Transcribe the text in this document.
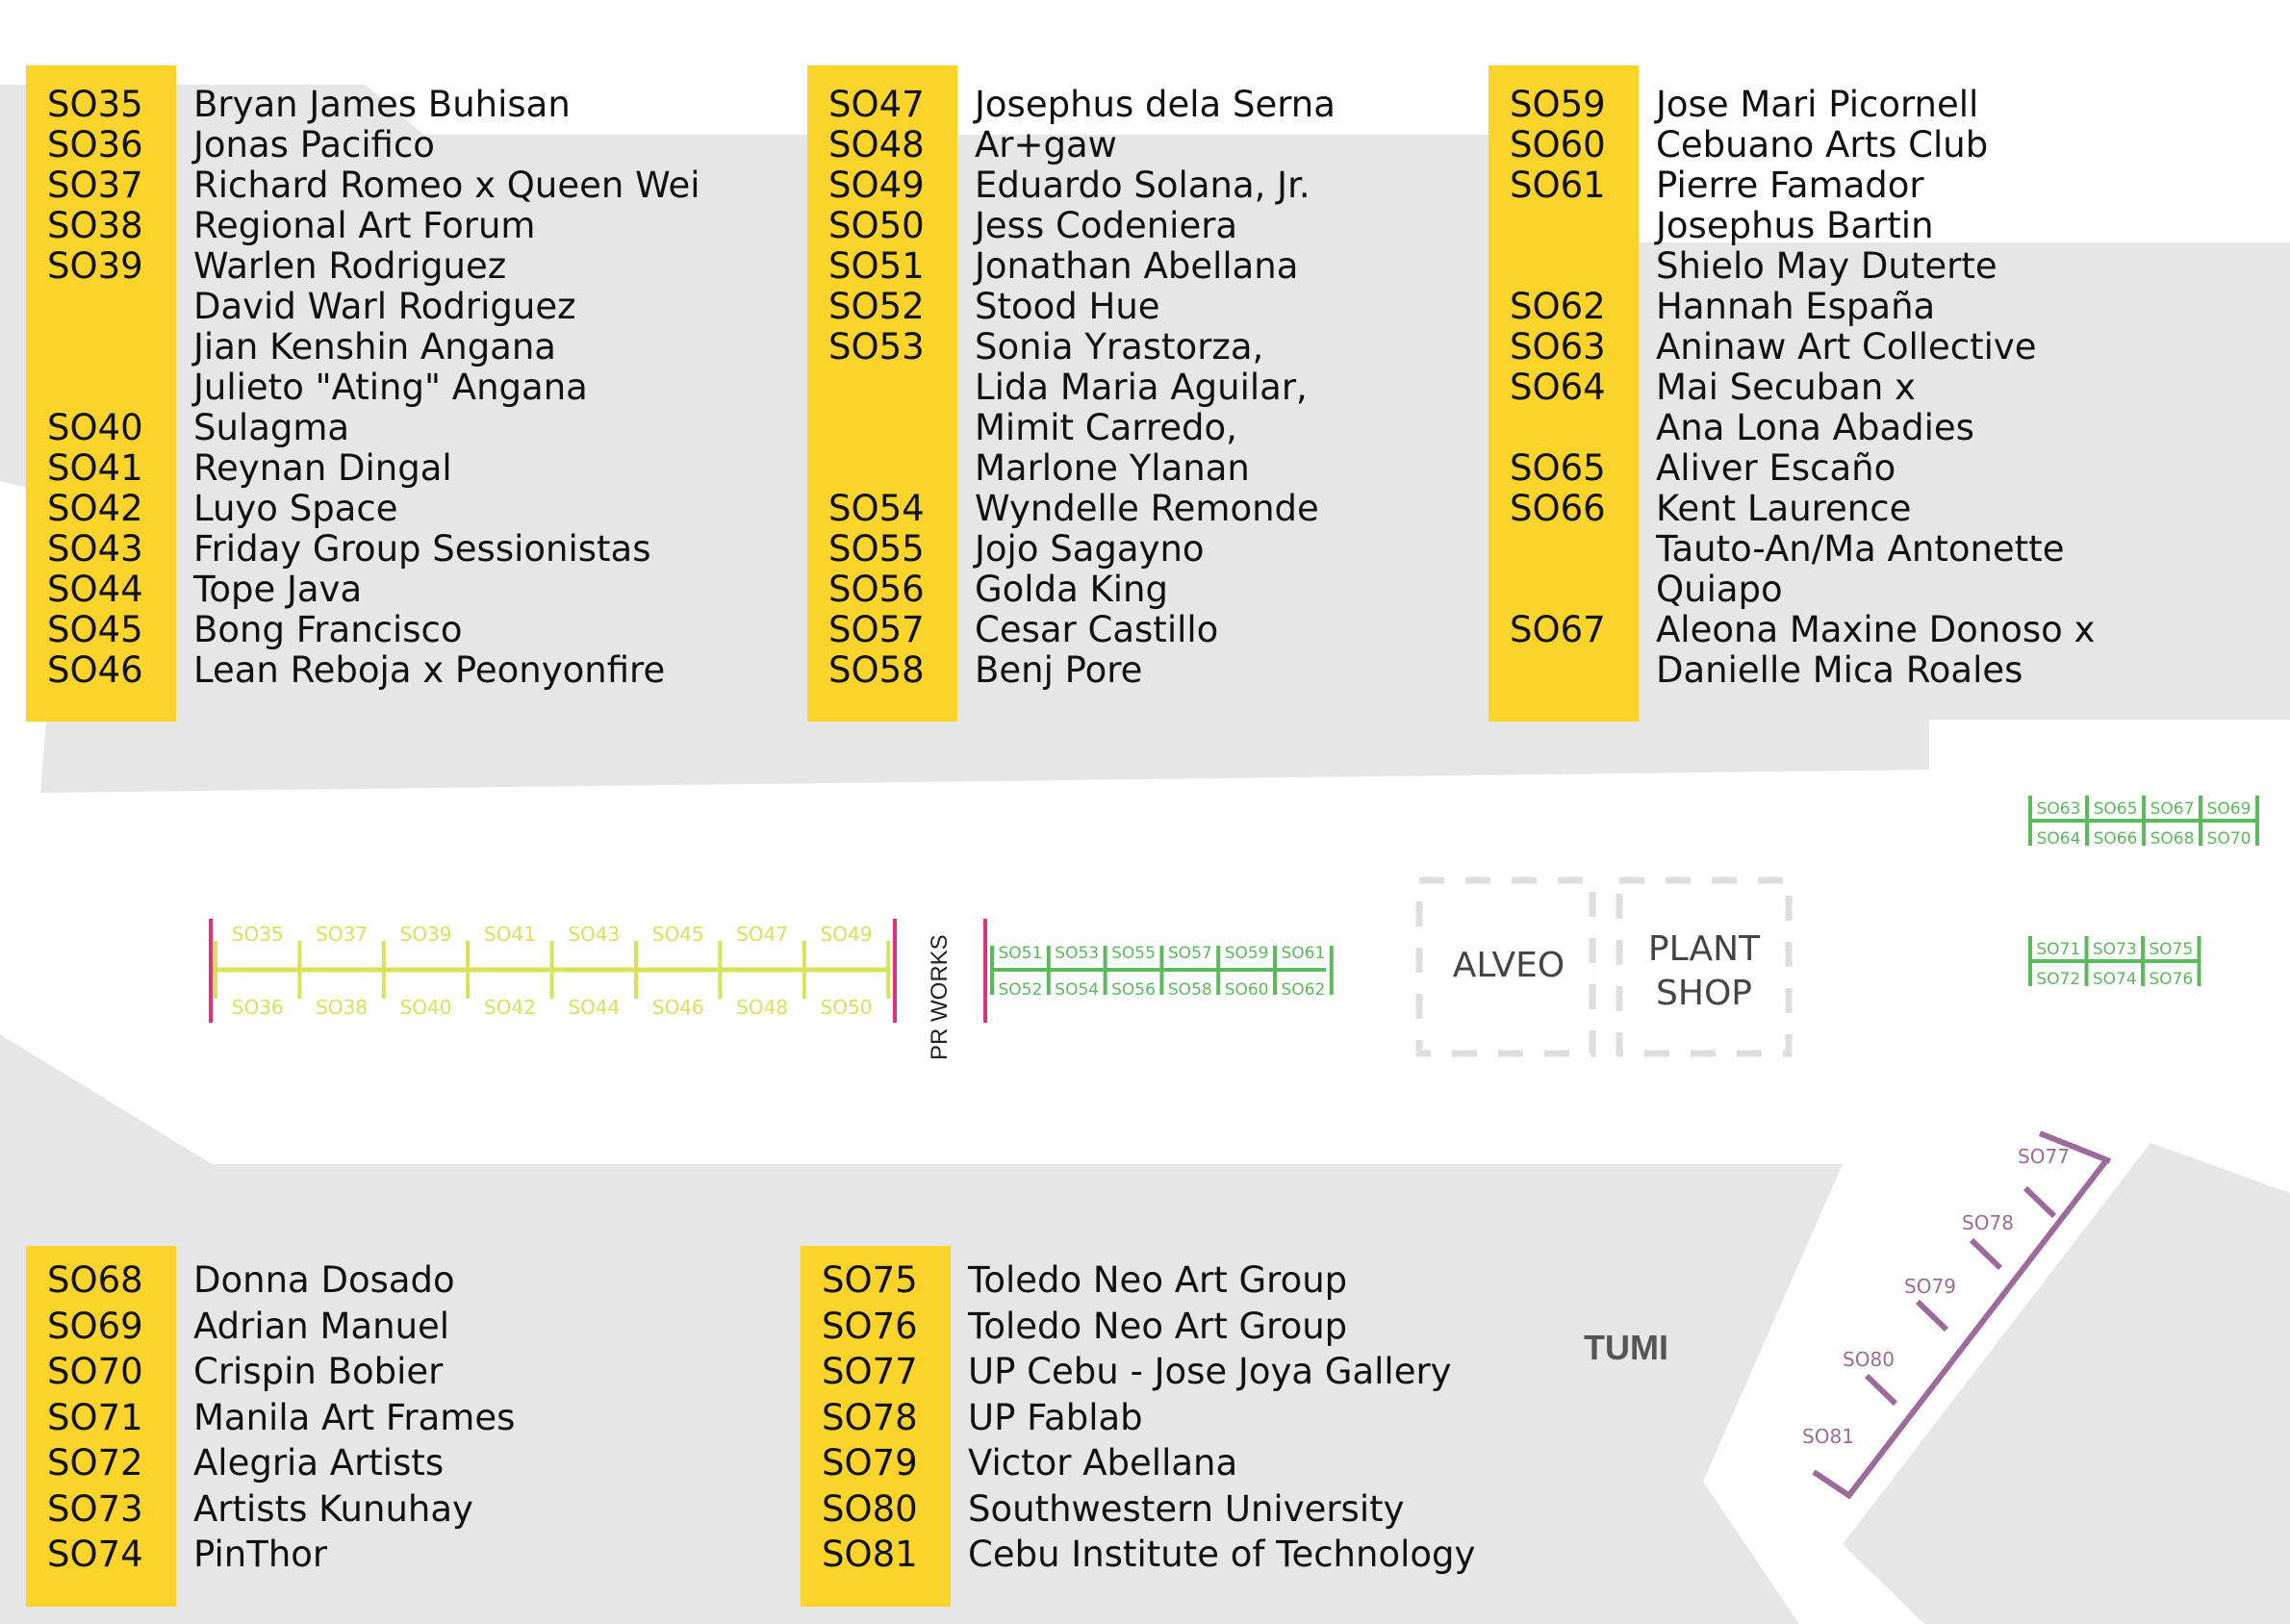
SO35	Bryan James Buhisan
SO36	Jonas Pacifico
SO37	Richard Romeo x Queen Wei
SO38	Regional Art Forum
SO39	Warlen Rodriguez
David Warl Rodriguez
Jian Kenshin Angana
Julieto "Ating" Angana
SO40	Sulagma
SO41	Reynan Dingal
SO42	Luyo Space
SO43	Friday Group Sessionistas
SO44	Tope Java
SO45	Bong Francisco
SO46	Lean Reboja x Peonyonfire
SO47	Josephus dela Serna
SO48	Ar+gaw
SO49	Eduardo Solana, Jr.
SO50	Jess Codeniera
SO51	Jonathan Abellana
SO52	Stood Hue
SO53	Sonia Yrastorza,
Lida Maria Aguilar,
Mimit Carredo,
Marlone Ylanan
SO54	Wyndelle Remonde
SO55	Jojo Sagayno
SO56	Golda King
SO57	Cesar Castillo
SO58	Benj Pore
SO59	Jose Mari Picornell
SO60	Cebuano Arts Club
SO61	Pierre Famador
Josephus Bartin
Shielo May Duterte
SO62	Hannah España
SO63	Aninaw Art Collective
SO64	Mai Secuban x
Ana Lona Abadies
SO65	Aliver Escaño
SO66	Kent Laurence
Tauto-An/Ma Antonette
Quiapo
SO67	Aleona Maxine Donoso x
Danielle Mica Roales
SO68	Donna Dosado
SO69	Adrian Manuel
SO70	Crispin Bobier
SO71	Manila Art Frames
SO72	Alegria Artists
SO73	Artists Kunuhay
SO74	PinThor
SO75	Toledo Neo Art Group
SO76	Toledo Neo Art Group
SO77	UP Cebu - Jose Joya Gallery
SO78	UP Fablab
SO79	Victor Abellana
SO80	Southwestern University
SO81	Cebu Institute of Technology
SO35 SO37 SO39 SO41 SO43 SO45 SO47 SO49
SO36 SO38 SO40 SO42 SO44 SO46 SO48 SO50 PR WORKS	SO51 SO53 SO55 SO57 SO59 SO61
SO52 SO54 SO56 SO58 SO60 SO62
ALVEO PLANT
SHOP
SO63 SO65 SO67 SO69
SO64 SO66 SO68 SO70
SO71 SO73 SO75
SO72 SO74 SO76
TUMI
SO77
SO78
SO79
SO80
SO81
